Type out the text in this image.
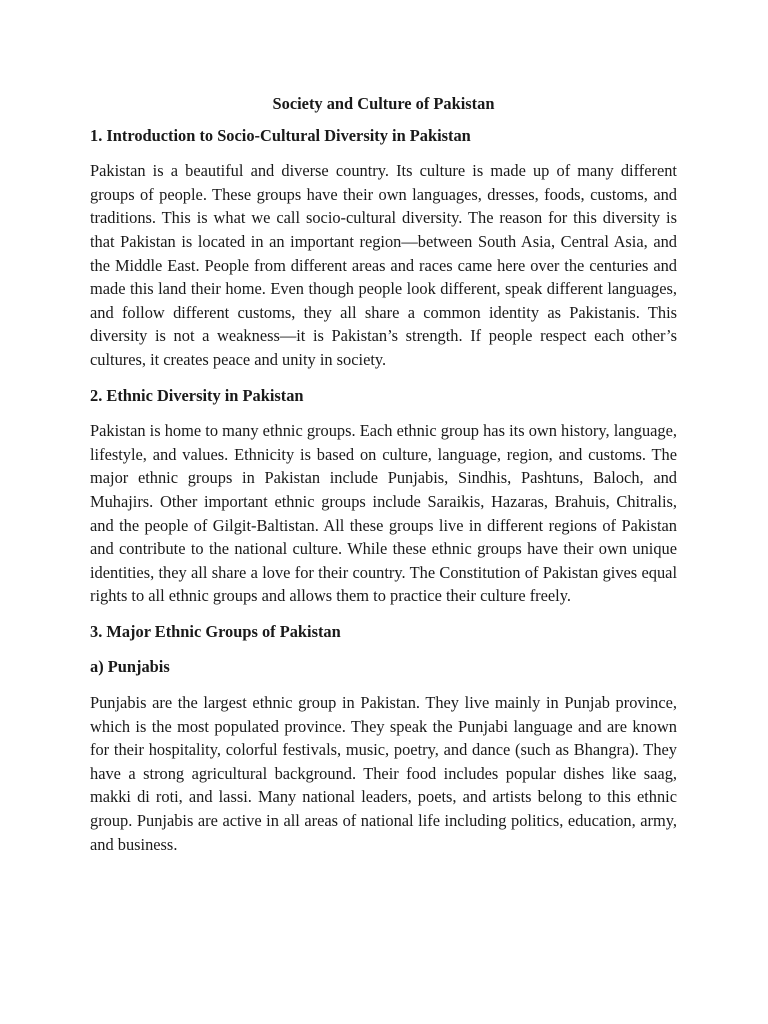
Society and Culture of Pakistan
1. Introduction to Socio-Cultural Diversity in Pakistan

Pakistan is a beautiful and diverse country. Its culture is made up of many different groups of people. These groups have their own languages, dresses, foods, customs, and traditions. This is what we call socio-cultural diversity. The reason for this diversity is that Pakistan is located in an important region—between South Asia, Central Asia, and the Middle East. People from different areas and races came here over the centuries and made this land their home. Even though people look different, speak different languages, and follow different customs, they all share a common identity as Pakistanis. This diversity is not a weakness—it is Pakistan’s strength. If people respect each other’s cultures, it creates peace and unity in society.

2. Ethnic Diversity in Pakistan

Pakistan is home to many ethnic groups. Each ethnic group has its own history, language, lifestyle, and values. Ethnicity is based on culture, language, region, and customs. The major ethnic groups in Pakistan include Punjabis, Sindhis, Pashtuns, Baloch, and Muhajirs. Other important ethnic groups include Saraikis, Hazaras, Brahuis, Chitralis, and the people of Gilgit-Baltistan. All these groups live in different regions of Pakistan and contribute to the national culture. While these ethnic groups have their own unique identities, they all share a love for their country. The Constitution of Pakistan gives equal rights to all ethnic groups and allows them to practice their culture freely.

3. Major Ethnic Groups of Pakistan
a) Punjabis

Punjabis are the largest ethnic group in Pakistan. They live mainly in Punjab province, which is the most populated province. They speak the Punjabi language and are known for their hospitality, colorful festivals, music, poetry, and dance (such as Bhangra). They have a strong agricultural background. Their food includes popular dishes like saag, makki di roti, and lassi. Many national leaders, poets, and artists belong to this ethnic group. Punjabis are active in all areas of national life including politics, education, army, and business.
